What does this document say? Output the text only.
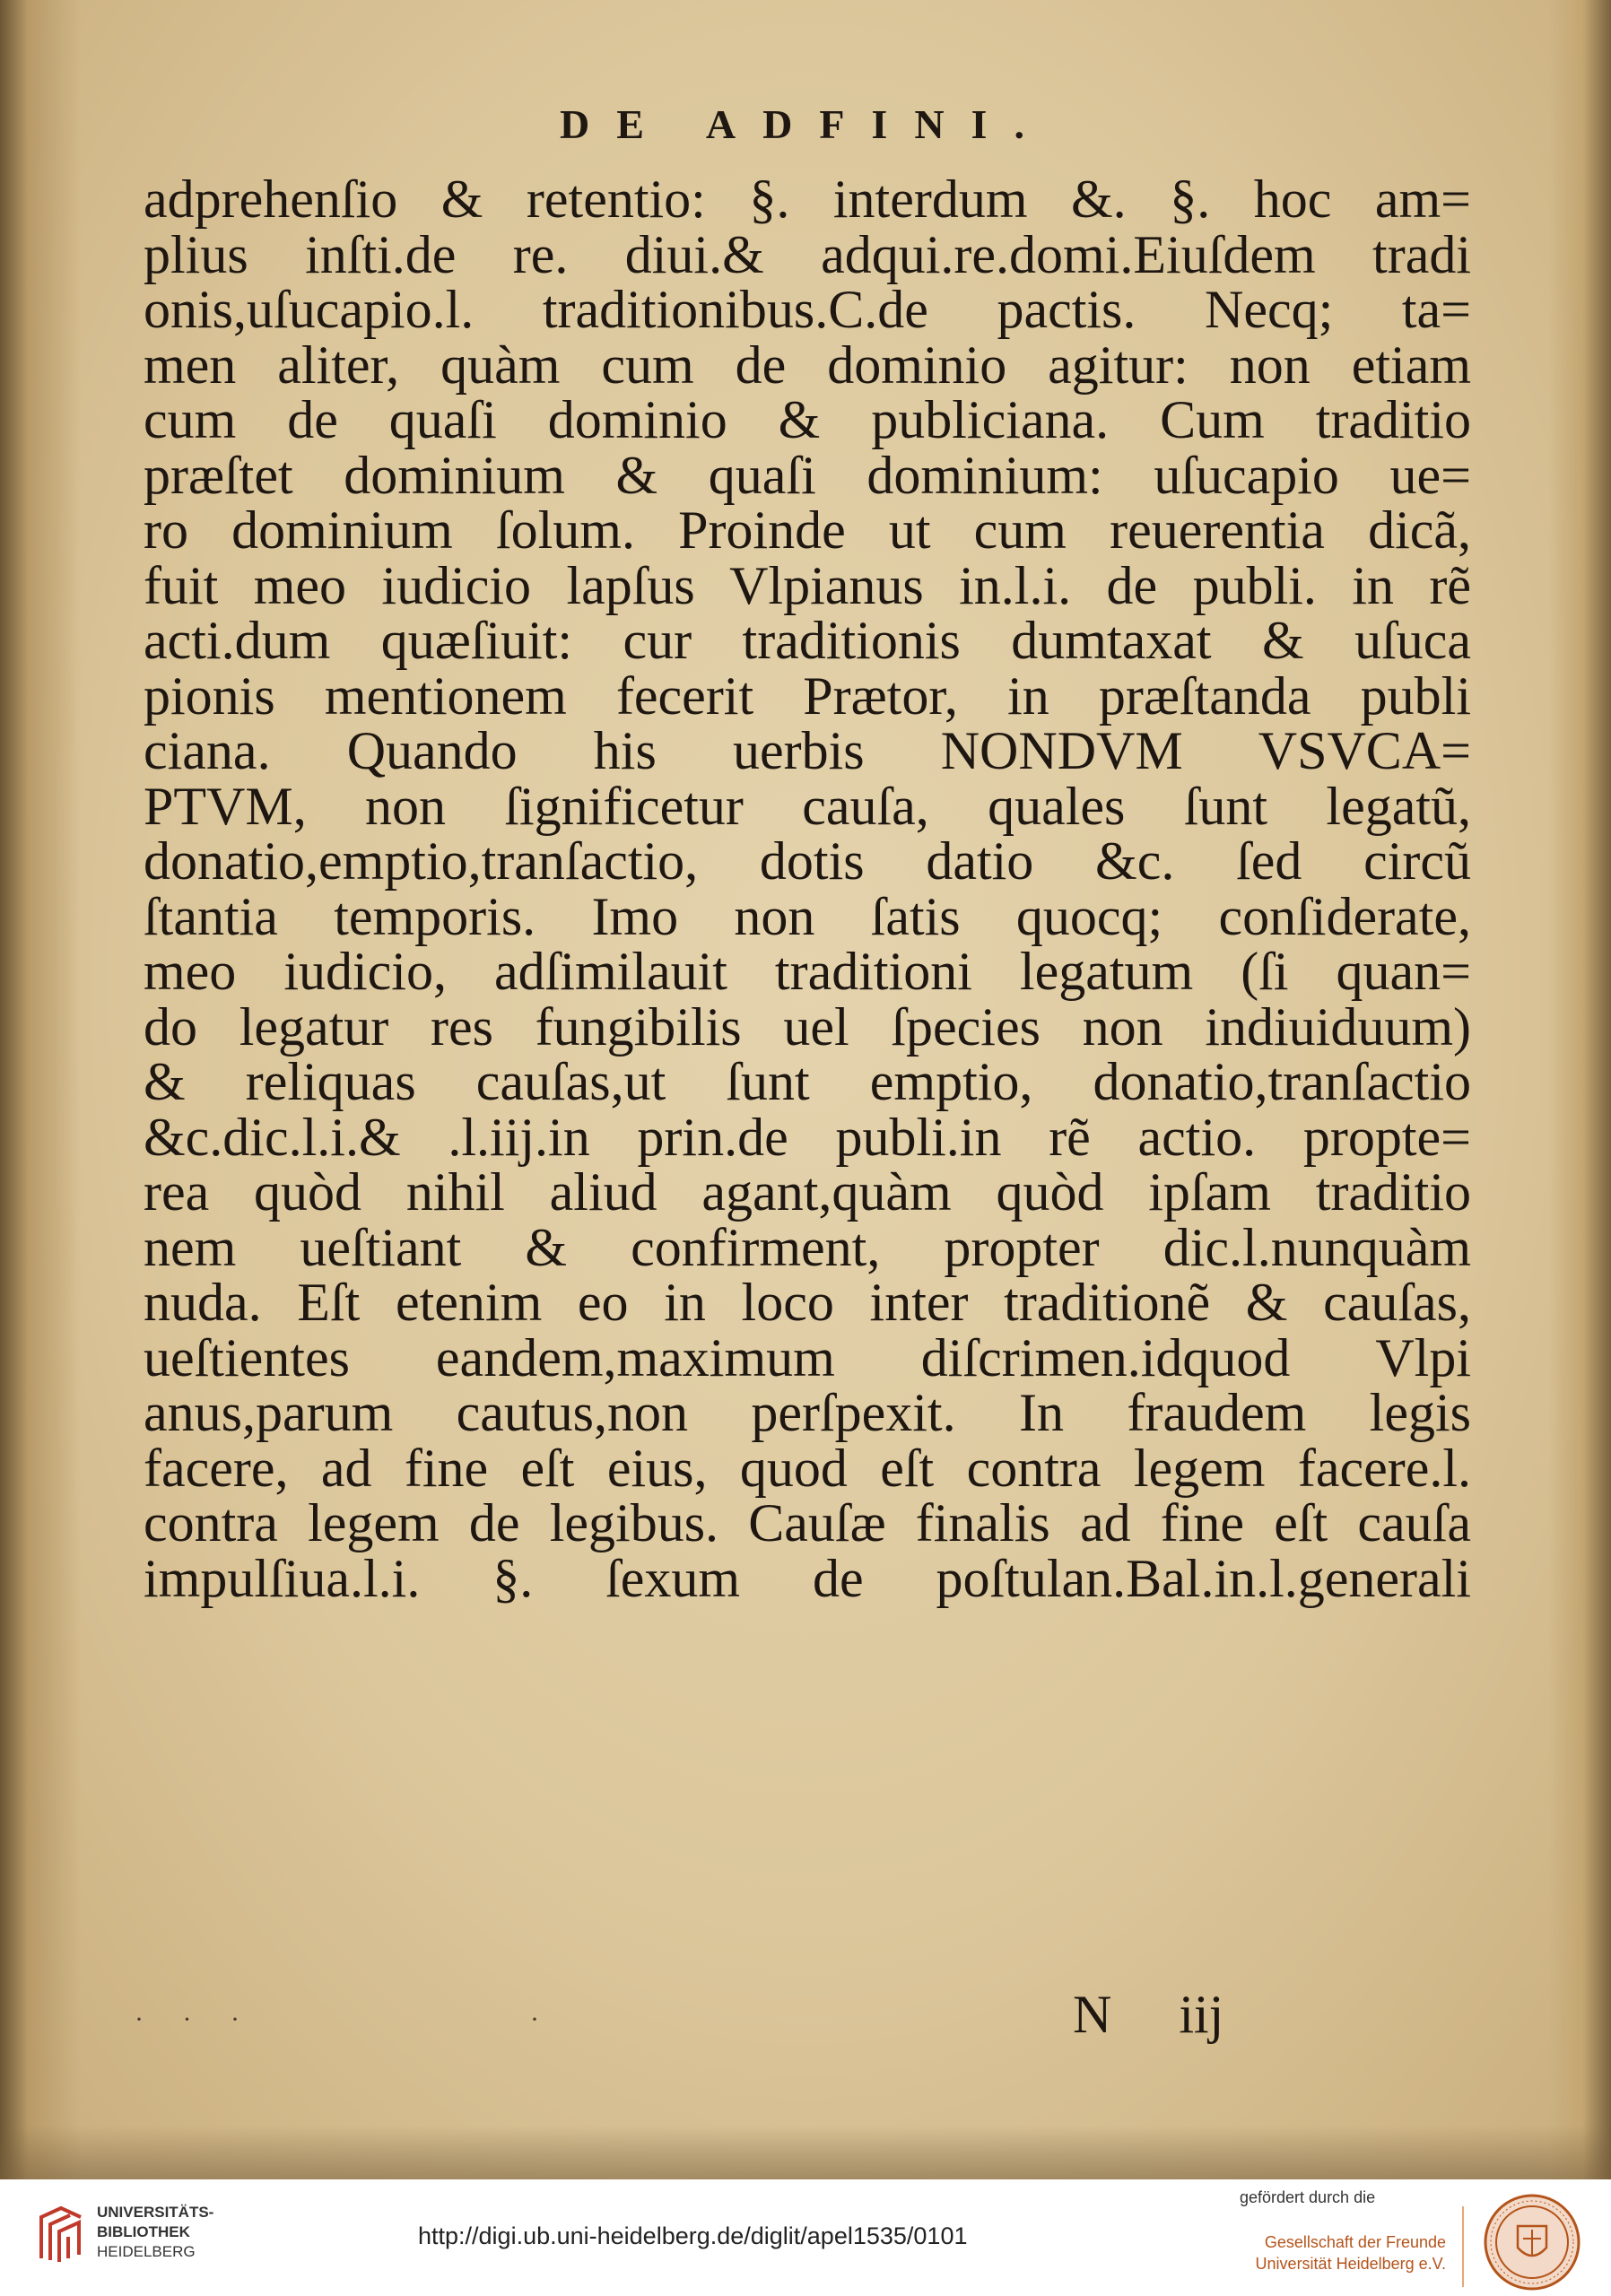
DE ADFINI.
adprehenſio & retentio: §. interdum &. §. hoc am=
plius inſti.de re. diui.& adqui.re.domi.Eiuſdem tradi
onis,uſucapio.l. traditionibus.C.de pactis. Necq; ta=
men aliter, quàm cum de dominio agitur: non etiam
cum de quaſi dominio & publiciana. Cum traditio
præſtet dominium & quaſi dominium: uſucapio ue=
ro dominium ſolum. Proinde ut cum reuerentia dicã,
fuit meo iudicio lapſus Vlpianus in.l.i. de publi. in rẽ
acti.dum quæſiuit: cur traditionis dumtaxat & uſuca
pionis mentionem fecerit Prætor, in præſtanda publi
ciana. Quando his uerbis NONDVM VSVCA=
PTVM, non ſignificetur cauſa, quales ſunt legatũ,
donatio,emptio,tranſactio, dotis datio &c. ſed circũ
ſtantia temporis. Imo non ſatis quocq; conſiderate,
meo iudicio, adſimilauit traditioni legatum (ſi quan=
do legatur res fungibilis uel ſpecies non indiuiduum)
& reliquas cauſas,ut ſunt emptio, donatio,tranſactio
&c.dic.l.i.& .l.iij.in prin.de publi.in rẽ actio. propte=
rea quòd nihil aliud agant,quàm quòd ipſam traditio
nem ueſtiant & confirment, propter dic.l.nunquàm
nuda. Eſt etenim eo in loco inter traditionẽ & cauſas,
ueſtientes eandem,maximum diſcrimen.idquod Vlpi
anus,parum cautus,non perſpexit. In fraudem legis
facere, ad fine eſt eius, quod eſt contra legem facere.l.
contra legem de legibus. Cauſæ finalis ad fine eſt cauſa
impulſiua.l.i. §. ſexum de poſtulan.Bal.in.l.generali
· · ·            ·	N iij
UNIVERSITÄTS-
BIBLIOTHEK
HEIDELBERG
http://digi.ub.uni-heidelberg.de/diglit/apel1535/0101
gefördert durch die
Gesellschaft der Freunde
Universität Heidelberg e.V.
